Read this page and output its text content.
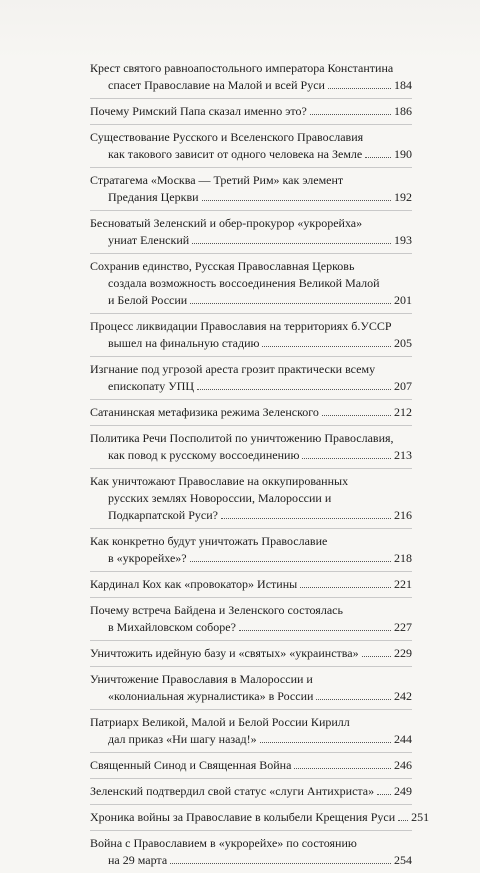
Крест святого равноапостольного императора Константина
спасет Православие на Малой и всей Руси	184
Почему Римский Папа сказал именно это?	186
Существование Русского и Вселенского Православия
как такового зависит от одного человека на Земле	190
Стратагема «Москва — Третий Рим» как элемент
Предания Церкви	192
Бесноватый Зеленский и обер-прокурор «укрорейха»
униат Еленский	193
Сохранив единство, Русская Православная Церковь
создала возможность воссоединения Великой Малой
и Белой России	201
Процесс ликвидации Православия на территориях б.УССР
вышел на финальную стадию	205
Изгнание под угрозой ареста грозит практически всему
епископату УПЦ	207
Сатанинская метафизика режима Зеленского	212
Политика Речи Посполитой по уничтожению Православия,
как повод к русскому воссоединению	213
Как уничтожают Православие на оккупированных
русских землях Новороссии, Малороссии и
Подкарпатской Руси?	216
Как конкретно будут уничтожать Православие
в «укрорейхе»?	218
Кардинал Кох как «провокатор» Истины	221
Почему встреча Байдена и Зеленского состоялась
в Михайловском соборе?	227
Уничтожить идейную базу и «святых» «украинства»	229
Уничтожение Православия в Малороссии и
«колониальная журналистика» в России	242
Патриарх Великой, Малой и Белой России Кирилл
дал приказ «Ни шагу назад!»	244
Священный Синод и Священная Война	246
Зеленский подтвердил свой статус «слуги Антихриста» 249
Хроника войны за Православие в колыбели Крещения Руси 251
Война с Православием в «укрорейхе» по состоянию
на 29 марта	254
